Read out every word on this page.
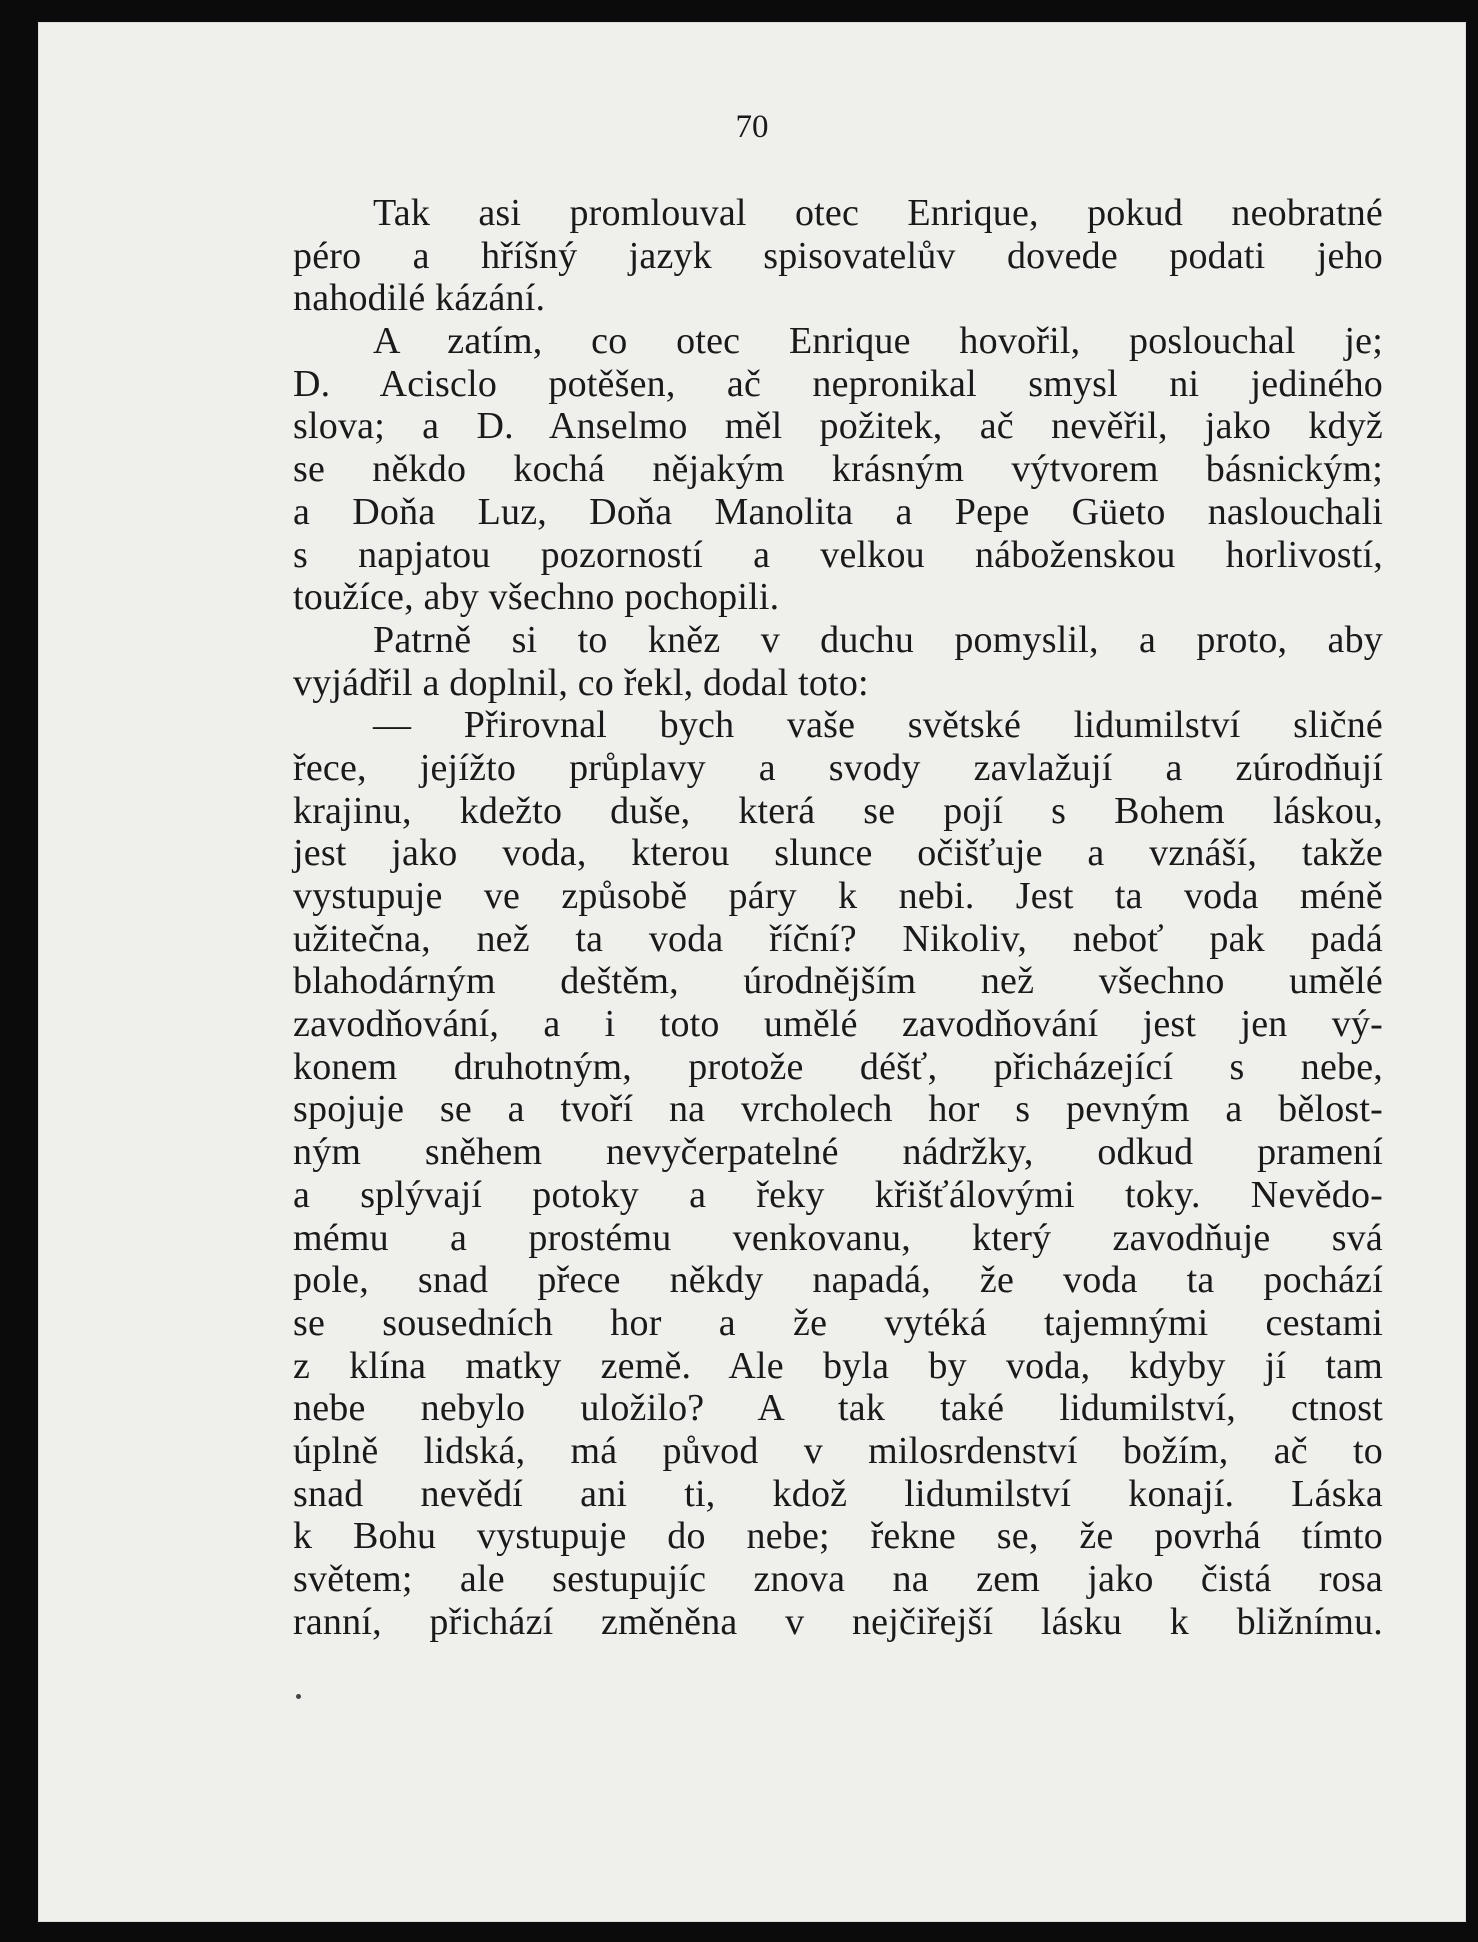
70
Tak asi promlouval otec Enrique, pokud neobratné
péro a hříšný jazyk spisovatelův dovede podati jeho
nahodilé kázání.
A zatím, co otec Enrique hovořil, poslouchal je;
D. Acisclo potěšen, ač nepronikal smysl ni jediného
slova; a D. Anselmo měl požitek, ač nevěřil, jako když
se někdo kochá nějakým krásným výtvorem básnickým;
a Doňa Luz, Doňa Manolita a Pepe Güeto naslouchali
s napjatou pozorností a velkou náboženskou horlivostí,
toužíce, aby všechno pochopili.
Patrně si to kněz v duchu pomyslil, a proto, aby
vyjádřil a doplnil, co řekl, dodal toto:
— Přirovnal bych vaše světské lidumilství sličné
řece, jejížto průplavy a svody zavlažují a zúrodňují
krajinu, kdežto duše, která se pojí s Bohem láskou,
jest jako voda, kterou slunce očišťuje a vznáší, takže
vystupuje ve způsobě páry k nebi. Jest ta voda méně
užitečna, než ta voda říční? Nikoliv, neboť pak padá
blahodárným deštěm, úrodnějším než všechno umělé
zavodňování, a i toto umělé zavodňování jest jen vý-
konem druhotným, protože déšť, přicházející s nebe,
spojuje se a tvoří na vrcholech hor s pevným a bělost-
ným sněhem nevyčerpatelné nádržky, odkud pramení
a splývají potoky a řeky křišťálovými toky. Nevědo-
mému a prostému venkovanu, který zavodňuje svá
pole, snad přece někdy napadá, že voda ta pochází
se sousedních hor a že vytéká tajemnými cestami
z klína matky země. Ale byla by voda, kdyby jí tam
nebe nebylo uložilo? A tak také lidumilství, ctnost
úplně lidská, má původ v milosrdenství božím, ač to
snad nevědí ani ti, kdož lidumilství konají. Láska
k Bohu vystupuje do nebe; řekne se, že povrhá tímto
světem; ale sestupujíc znova na zem jako čistá rosa
ranní, přichází změněna v nejčiřejší lásku k bližnímu.
